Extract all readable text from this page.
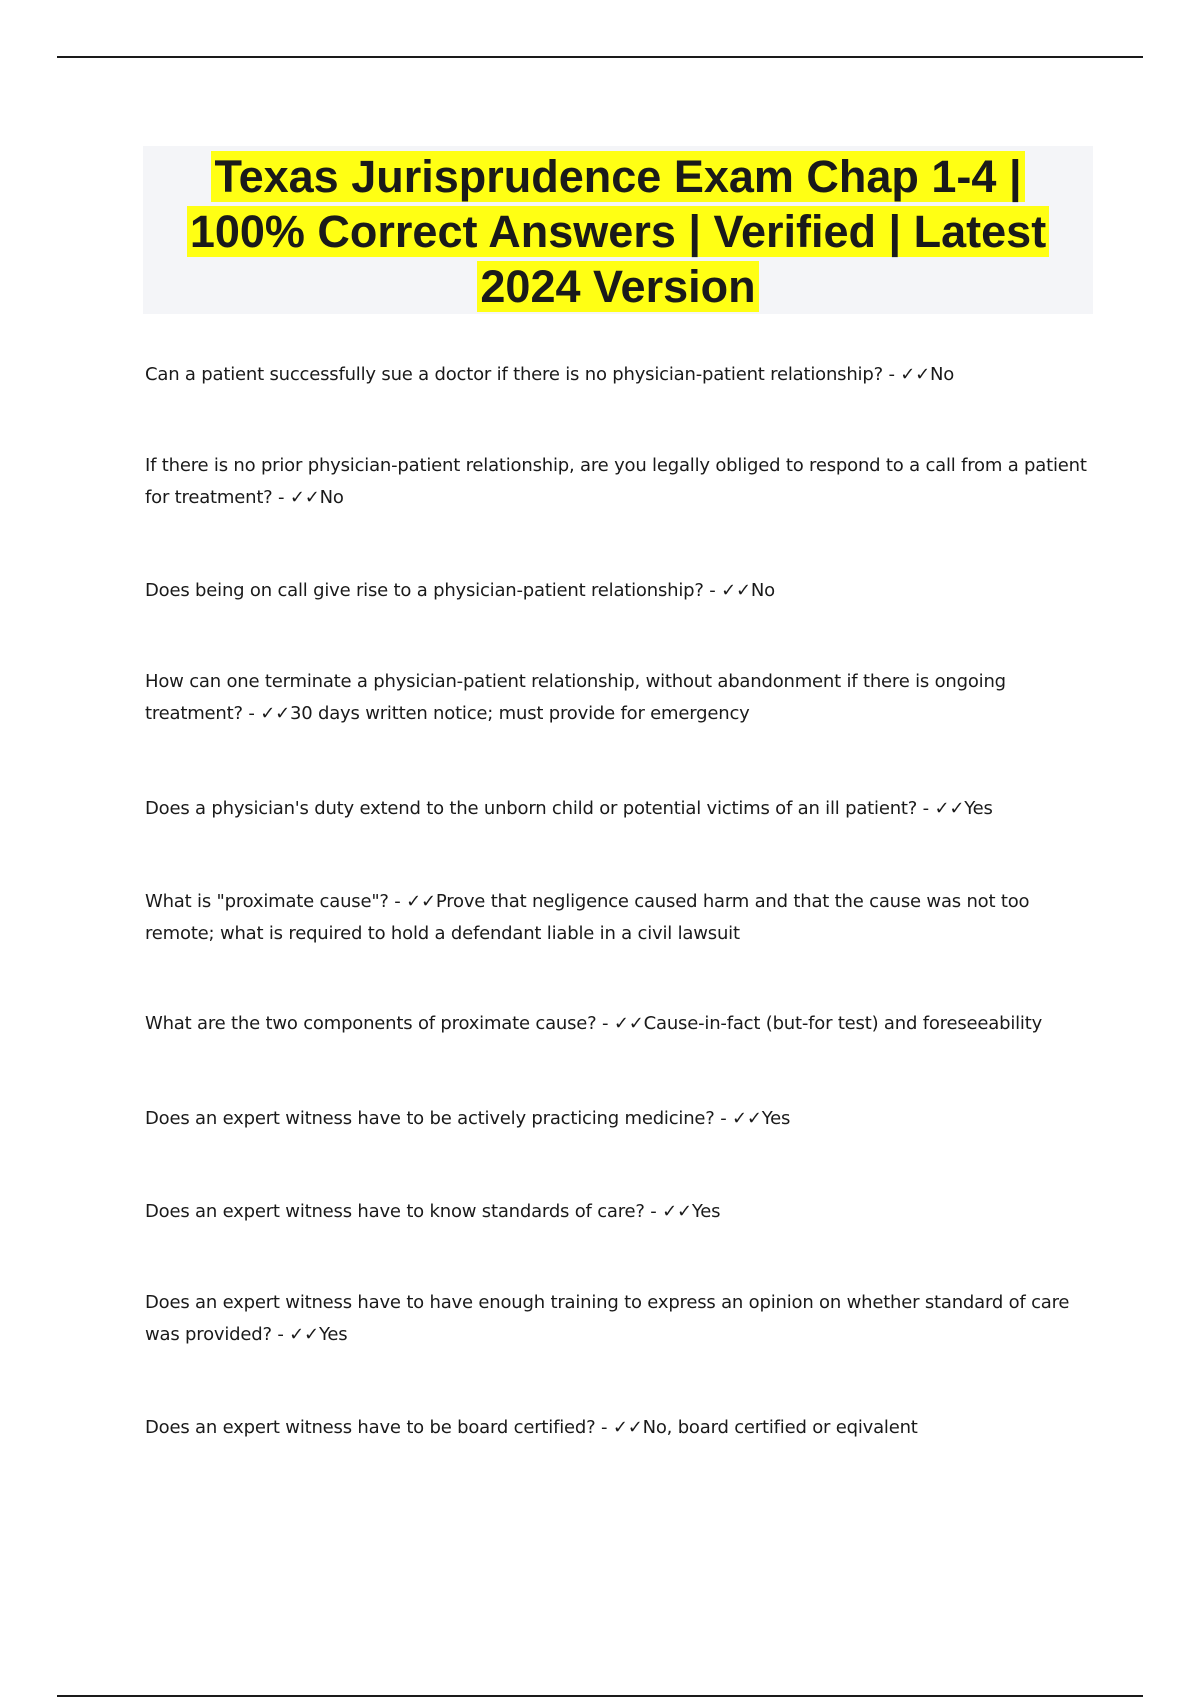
Texas Jurisprudence Exam Chap 1-4 |
100% Correct Answers | Verified | Latest
2024 Version

Can a patient successfully sue a doctor if there is no physician-patient relationship? - ✓✓No

If there is no prior physician-patient relationship, are you legally obliged to respond to a call from a patient for treatment? - ✓✓No

Does being on call give rise to a physician-patient relationship? - ✓✓No

How can one terminate a physician-patient relationship, without abandonment if there is ongoing treatment? - ✓✓30 days written notice; must provide for emergency

Does a physician's duty extend to the unborn child or potential victims of an ill patient? - ✓✓Yes

What is "proximate cause"? - ✓✓Prove that negligence caused harm and that the cause was not too remote; what is required to hold a defendant liable in a civil lawsuit

What are the two components of proximate cause? - ✓✓Cause-in-fact (but-for test) and foreseeability

Does an expert witness have to be actively practicing medicine? - ✓✓Yes

Does an expert witness have to know standards of care? - ✓✓Yes

Does an expert witness have to have enough training to express an opinion on whether standard of care was provided? - ✓✓Yes

Does an expert witness have to be board certified? - ✓✓No, board certified or eqivalent
